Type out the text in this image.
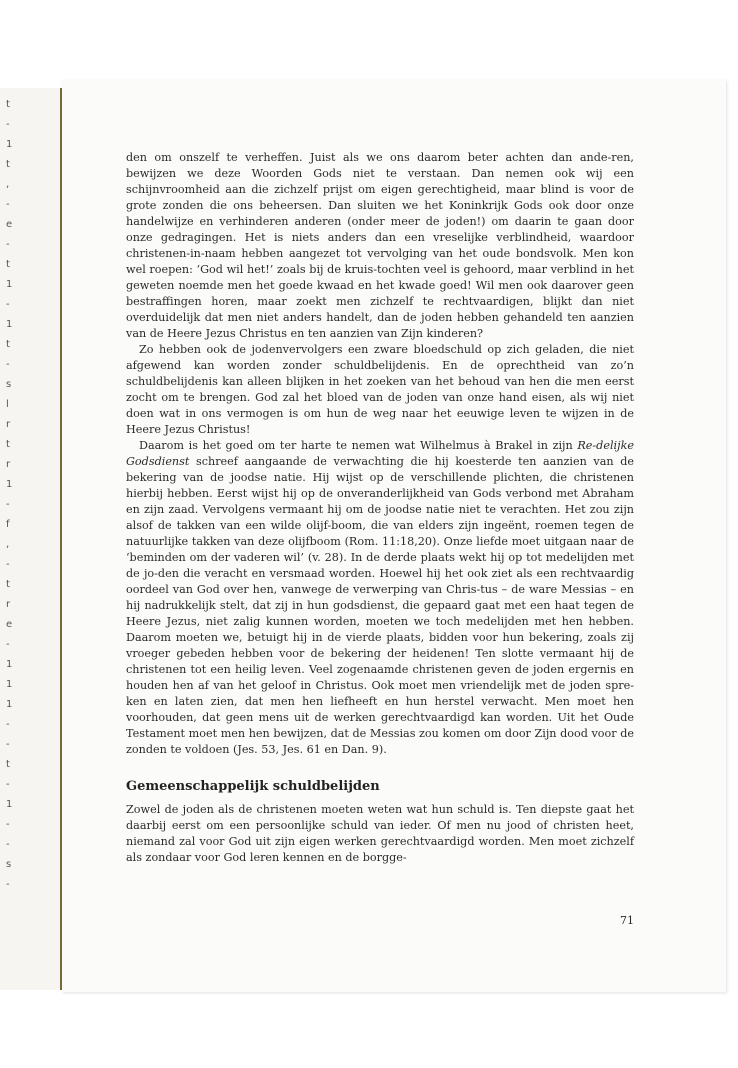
t
-
1
t
,
-
e
-
t
1
-
1
t
-
s
l
r
t
r
1
-
f
,
-
t
r
e
-
1
1
1
-
-
t
-
1
-
-
s
-

den om onszelf te verheffen. Juist als we ons daarom beter achten dan ande-ren, bewijzen we deze Woorden Gods niet te verstaan. Dan nemen ook wij een schijnvroomheid aan die zichzelf prijst om eigen gerechtigheid, maar blind is voor de grote zonden die ons beheersen. Dan sluiten we het Koninkrijk Gods ook door onze handelwijze en verhinderen anderen (onder meer de joden!) om daarin te gaan door onze gedragingen. Het is niets anders dan een vreselijke verblindheid, waardoor christenen-in-naam hebben aangezet tot vervolging van het oude bondsvolk. Men kon wel roepen: ‘God wil het!’ zoals bij de kruis-tochten veel is gehoord, maar verblind in het geweten noemde men het goede kwaad en het kwade goed! Wil men ook daarover geen bestraffingen horen, maar zoekt men zichzelf te rechtvaardigen, blijkt dan niet overduidelijk dat men niet anders handelt, dan de joden hebben gehandeld ten aanzien van de Heere Jezus Christus en ten aanzien van Zijn kinderen?

Zo hebben ook de jodenvervolgers een zware bloedschuld op zich geladen, die niet afgewend kan worden zonder schuldbelijdenis. En de oprechtheid van zo’n schuldbelijdenis kan alleen blijken in het zoeken van het behoud van hen die men eerst zocht om te brengen. God zal het bloed van de joden van onze hand eisen, als wij niet doen wat in ons vermogen is om hun de weg naar het eeuwige leven te wijzen in de Heere Jezus Christus!

Daarom is het goed om ter harte te nemen wat Wilhelmus à Brakel in zijn Re-delijke Godsdienst schreef aangaande de verwachting die hij koesterde ten aanzien van de bekering van de joodse natie. Hij wijst op de verschillende plichten, die christenen hierbij hebben. Eerst wijst hij op de onveranderlijkheid van Gods verbond met Abraham en zijn zaad. Vervolgens vermaant hij om de joodse natie niet te verachten. Het zou zijn alsof de takken van een wilde olijf-boom, die van elders zijn ingeënt, roemen tegen de natuurlijke takken van deze olijfboom (Rom. 11:18,20). Onze liefde moet uitgaan naar de ‘beminden om der vaderen wil’ (v. 28). In de derde plaats wekt hij op tot medelijden met de jo-den die veracht en versmaad worden. Hoewel hij het ook ziet als een rechtvaardig oordeel van God over hen, vanwege de verwerping van Chris-tus – de ware Messias – en hij nadrukkelijk stelt, dat zij in hun godsdienst, die gepaard gaat met een haat tegen de Heere Jezus, niet zalig kunnen worden, moeten we toch medelijden met hen hebben. Daarom moeten we, betuigt hij in de vierde plaats, bidden voor hun bekering, zoals zij vroeger gebeden hebben voor de bekering der heidenen! Ten slotte vermaant hij de christenen tot een heilig leven. Veel zogenaamde christenen geven de joden ergernis en houden hen af van het geloof in Christus. Ook moet men vriendelijk met de joden spre-ken en laten zien, dat men hen liefheeft en hun herstel verwacht. Men moet hen voorhouden, dat geen mens uit de werken gerechtvaardigd kan worden. Uit het Oude Testament moet men hen bewijzen, dat de Messias zou komen om door Zijn dood voor de zonden te voldoen (Jes. 53, Jes. 61 en Dan. 9).

Gemeenschappelijk schuldbelijden

Zowel de joden als de christenen moeten weten wat hun schuld is. Ten diepste gaat het daarbij eerst om een persoonlijke schuld van ieder. Of men nu jood of christen heet, niemand zal voor God uit zijn eigen werken gerechtvaardigd worden. Men moet zichzelf als zondaar voor God leren kennen en de borgge-

71
